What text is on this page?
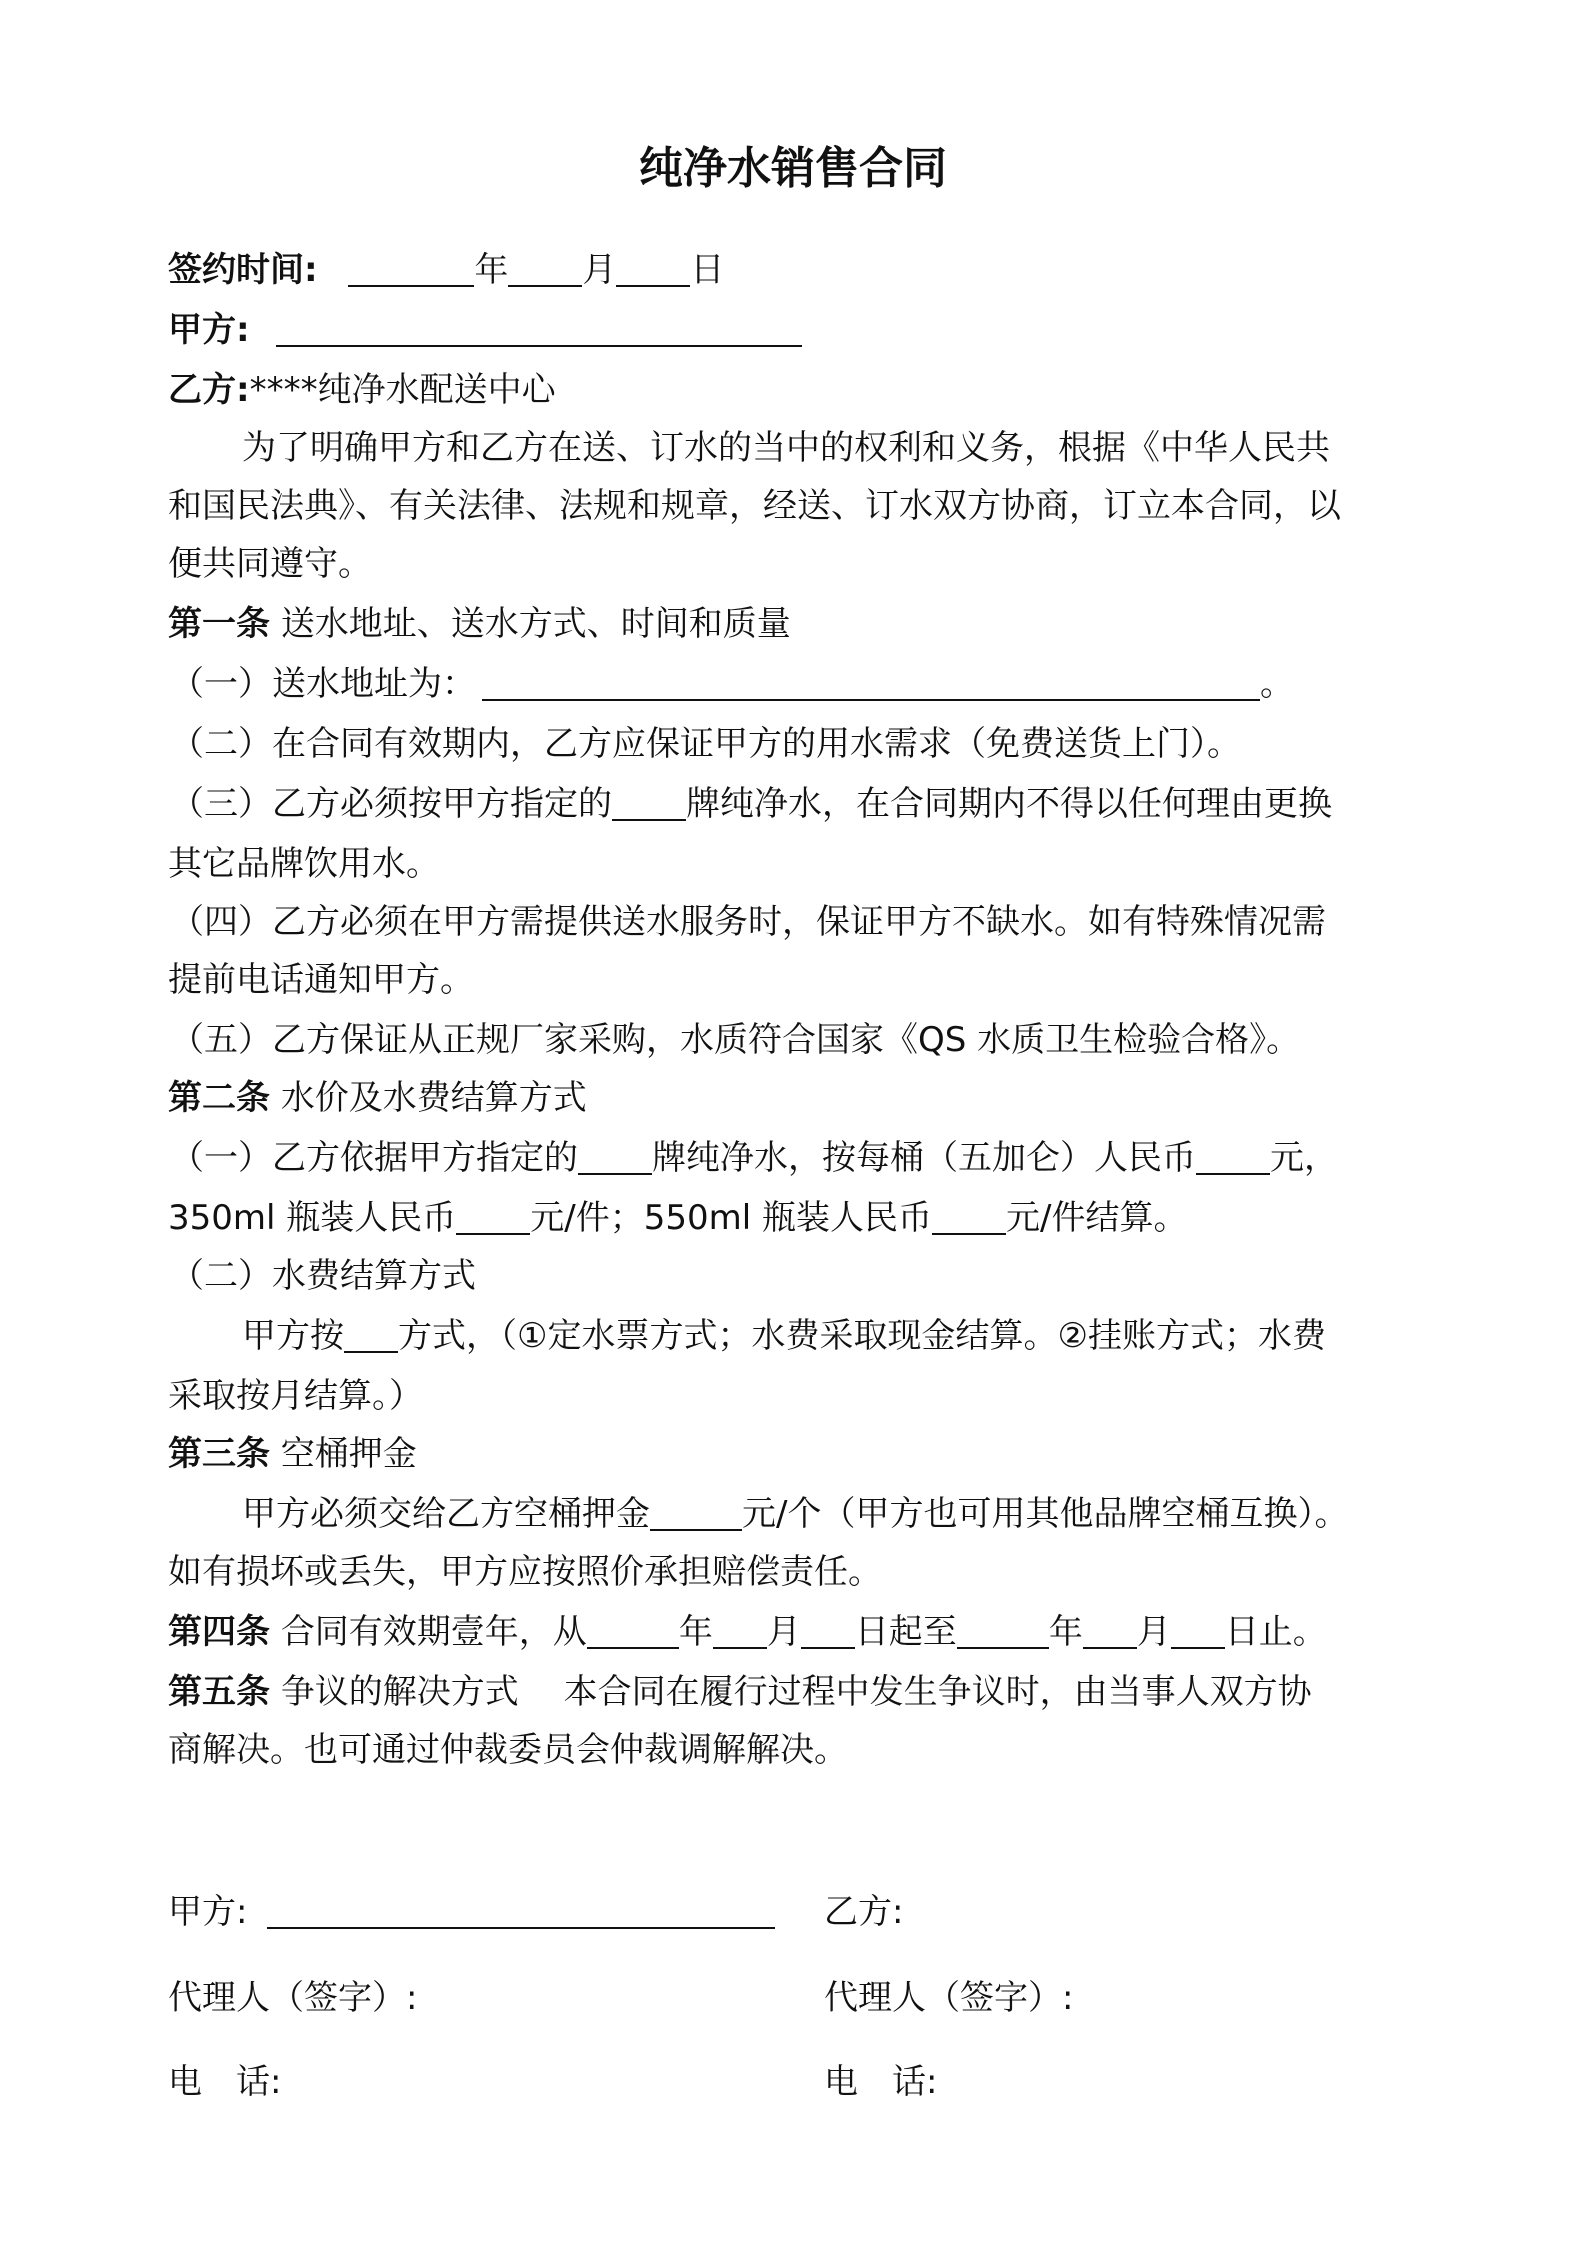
纯净水销售合同
签约时间:	年 月 日
甲方:
乙方:****纯净水配送中心
为了明确甲方和乙方在送、订水的当中的权利和义务，根据《中华人民共
和国民法典》、有关法律、法规和规章，经送、订水双方协商，订立本合同，以
便共同遵守。
第一条 送水地址、送水方式、时间和质量
（一）送水地址为：	。
（二）在合同有效期内，乙方应保证甲方的用水需求（免费送货上门）。
（三）乙方必须按甲方指定的 牌纯净水，在合同期内不得以任何理由更换
其它品牌饮用水。
（四）乙方必须在甲方需提供送水服务时，保证甲方不缺水。如有特殊情况需
提前电话通知甲方。
（五）乙方保证从正规厂家采购，水质符合国家《QS 水质卫生检验合格》。
第二条 水价及水费结算方式
（一）乙方依据甲方指定的 牌纯净水，按每桶（五加仑）人民币 元，
350ml 瓶装人民币 元/件；550ml 瓶装人民币 元/件结算。
（二）水费结算方式
甲方按 方式，（①定水票方式；水费采取现金结算。②挂账方式；水费
采取按月结算。）
第三条 空桶押金
甲方必须交给乙方空桶押金	元/个（甲方也可用其他品牌空桶互换）。
如有损坏或丢失，甲方应按照价承担赔偿责任。
第四条 合同有效期壹年，从	年 月 日起至	年 月 日止。
第五条 争议的解决方式 本合同在履行过程中发生争议时，由当事人双方协
商解决。也可通过仲裁委员会仲裁调解解决。
甲方:	乙方:
代理人（签字）:	代理人（签字）:
电　话:	电　话:
